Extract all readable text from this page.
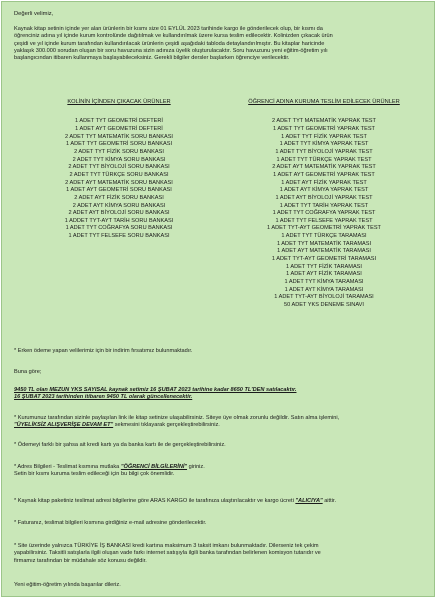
Değerli velimiz,

Kaynak kitap setinin içinde yer alan ürünlerin bir kısmı size 01 EYLÜL 2023 tarihinde kargo ile gönderilecek olup, bir kısmı da

öğrenciniz adına yıl içinde kurum kontrolünde dağıtılmak ve kullandırılmak üzere kursa teslim edilecektir. Kolinizden çıkacak ürün

çeşidi ve yıl içinde kurum tarafından kullandırılacak ürünlerin çeşidi aşağıdaki tabloda detaylandırılmıştır. Bu kitaplar haricinde

yaklaşık 300.000 sorudan oluşan bir soru havuzuna sizin adınıza üyelik oluşturulacaktır. Soru havuzunu yeni eğitim-öğretim yılı

başlangıcından itibaren kullanmaya başlayabileceksiniz. Gerekli bilgiler dersler başlarken öğrenciye verilecektir.

KOLİNİN İÇİNDEN ÇIKACAK ÜRÜNLER
1 ADET TYT GEOMETRİ DEFTERİ
1 ADET AYT GEOMETRİ DEFTERİ
2 ADET TYT MATEMATİK SORU BANKASI
1 ADET TYT GEOMETRİ SORU BANKASI
2 ADET TYT FİZİK SORU BANKASI
2 ADET TYT KİMYA SORU BANKASI
2 ADET TYT BİYOLOJİ SORU BANKASI
2 ADET TYT TÜRKÇE SORU BANKASI
2 ADET AYT MATEMATİK SORU BANKASI
1 ADET AYT GEOMETRİ SORU BANKASI
2 ADET AYT FİZİK SORU BANKASI
2 ADET AYT KİMYA SORU BANKASI
2 ADET AYT BİYOLOJİ SORU BANKASI
1 ADDET TYT-AYT TARİH SORU BANKASI
1 ADET TYT COĞRAFYA SORU BANKASI
1 ADET TYT FELSEFE SORU BANKASI
ÖĞRENCİ ADINA KURUMA TESLİM EDİLECEK ÜRÜNLER
2 ADET TYT MATEMATİK YAPRAK TEST
1 ADET TYT GEOMETRİ YAPRAK TEST
1 ADET TYT FİZİK YAPRAK TEST
1 ADET TYT KİMYA YAPRAK TEST
1 ADET TYT BİYOLOJİ YAPRAK TEST
1 ADET TYT TÜRKÇE YAPRAK TEST
2 ADET AYT MATEMATİK YAPRAK TEST
1 ADET AYT GEOMETRİ YAPRAK TEST
1 ADET AYT FİZİK YAPRAK TEST
1 ADET AYT KİMYA YAPRAK TEST
1 ADET AYT BİYOLOJİ YAPRAK TEST
1 ADET TYT TARİH YAPRAK TEST
1 ADET TYT COĞRAFYA YAPRAK TEST
1 ADET TYT FELSEFE YAPRAK TEST
1 ADET TYT-AYT GEOMETRİ YAPRAK TEST
1 ADET TYT TÜRKÇE TARAMASI
1 ADET TYT MATEMATİK TARAMASI
1 ADET AYT MATEMATİK TARAMASI
1 ADET TYT-AYT GEOMETRİ TARAMASI
1 ADET TYT FİZİK TARAMASI
1 ADET AYT FİZİK TARAMASI
1 ADET TYT KİMYA TARAMASI
1 ADET AYT KİMYA TARAMASI
1 ADET TYT-AYT BİYOLOJİ TARAMASI
50 ADET YKS DENEME SINAVI

* Erken ödeme yapan velilerimiz için bir indirim fırsatımız bulunmaktadır.

Buna göre;

9450 TL olan MEZUN YKS SAYISAL kaynak setimiz 16 ŞUBAT 2023 tarihine kadar 8650 TL'DEN satılacaktır.

16 ŞUBAT 2023 tarihinden itibaren 9450 TL olarak güncellenecektir.

* Kurumunuz tarafından sizinle paylaşılan link ile kitap setinize ulaşabilirsiniz. Siteye üye olmak zorunlu değildir. Satın alma işlemini,

"ÜYELİKSİZ ALIŞVERİŞE DEVAM ET" sekmesini tıklayarak gerçekleştirebilirsiniz.

* Ödemeyi farklı bir şahsa ait kredi kartı ya da banka kartı ile de gerçekleştirebilirsiniz.

* Adres Bilgileri - Teslimat kısmına mutlaka "ÖĞRENCİ BİLGİLERİNİ" giriniz.

Setin bir kısmı kuruma teslim edileceği için bu bilgi çok önemlidir.

* Kaynak kitap paketiniz teslimat adresi bilgilerine göre ARAS KARGO ile tarafınıza ulaştırılacaktır ve kargo ücreti "ALICIYA" aittir.

* Faturanız, teslimat bilgileri kısmına girdiğiniz e-mail adresine gönderilecektir.

* Site üzerinde yalnızca TÜRKİYE İŞ BANKASI kredi kartına maksimum 3 taksit imkanı bulunmaktadır. Dilerseniz tek çekim

yapabilirsiniz. Taksitli satışlarla ilgili oluşan vade farkı internet satışıyla ilgili banka tarafından belirlenen komisyon tutarıdır ve

firmamız tarafından bir müdahale söz konusu değildir.

Yeni eğitim-öğretim yılında başarılar dileriz.
